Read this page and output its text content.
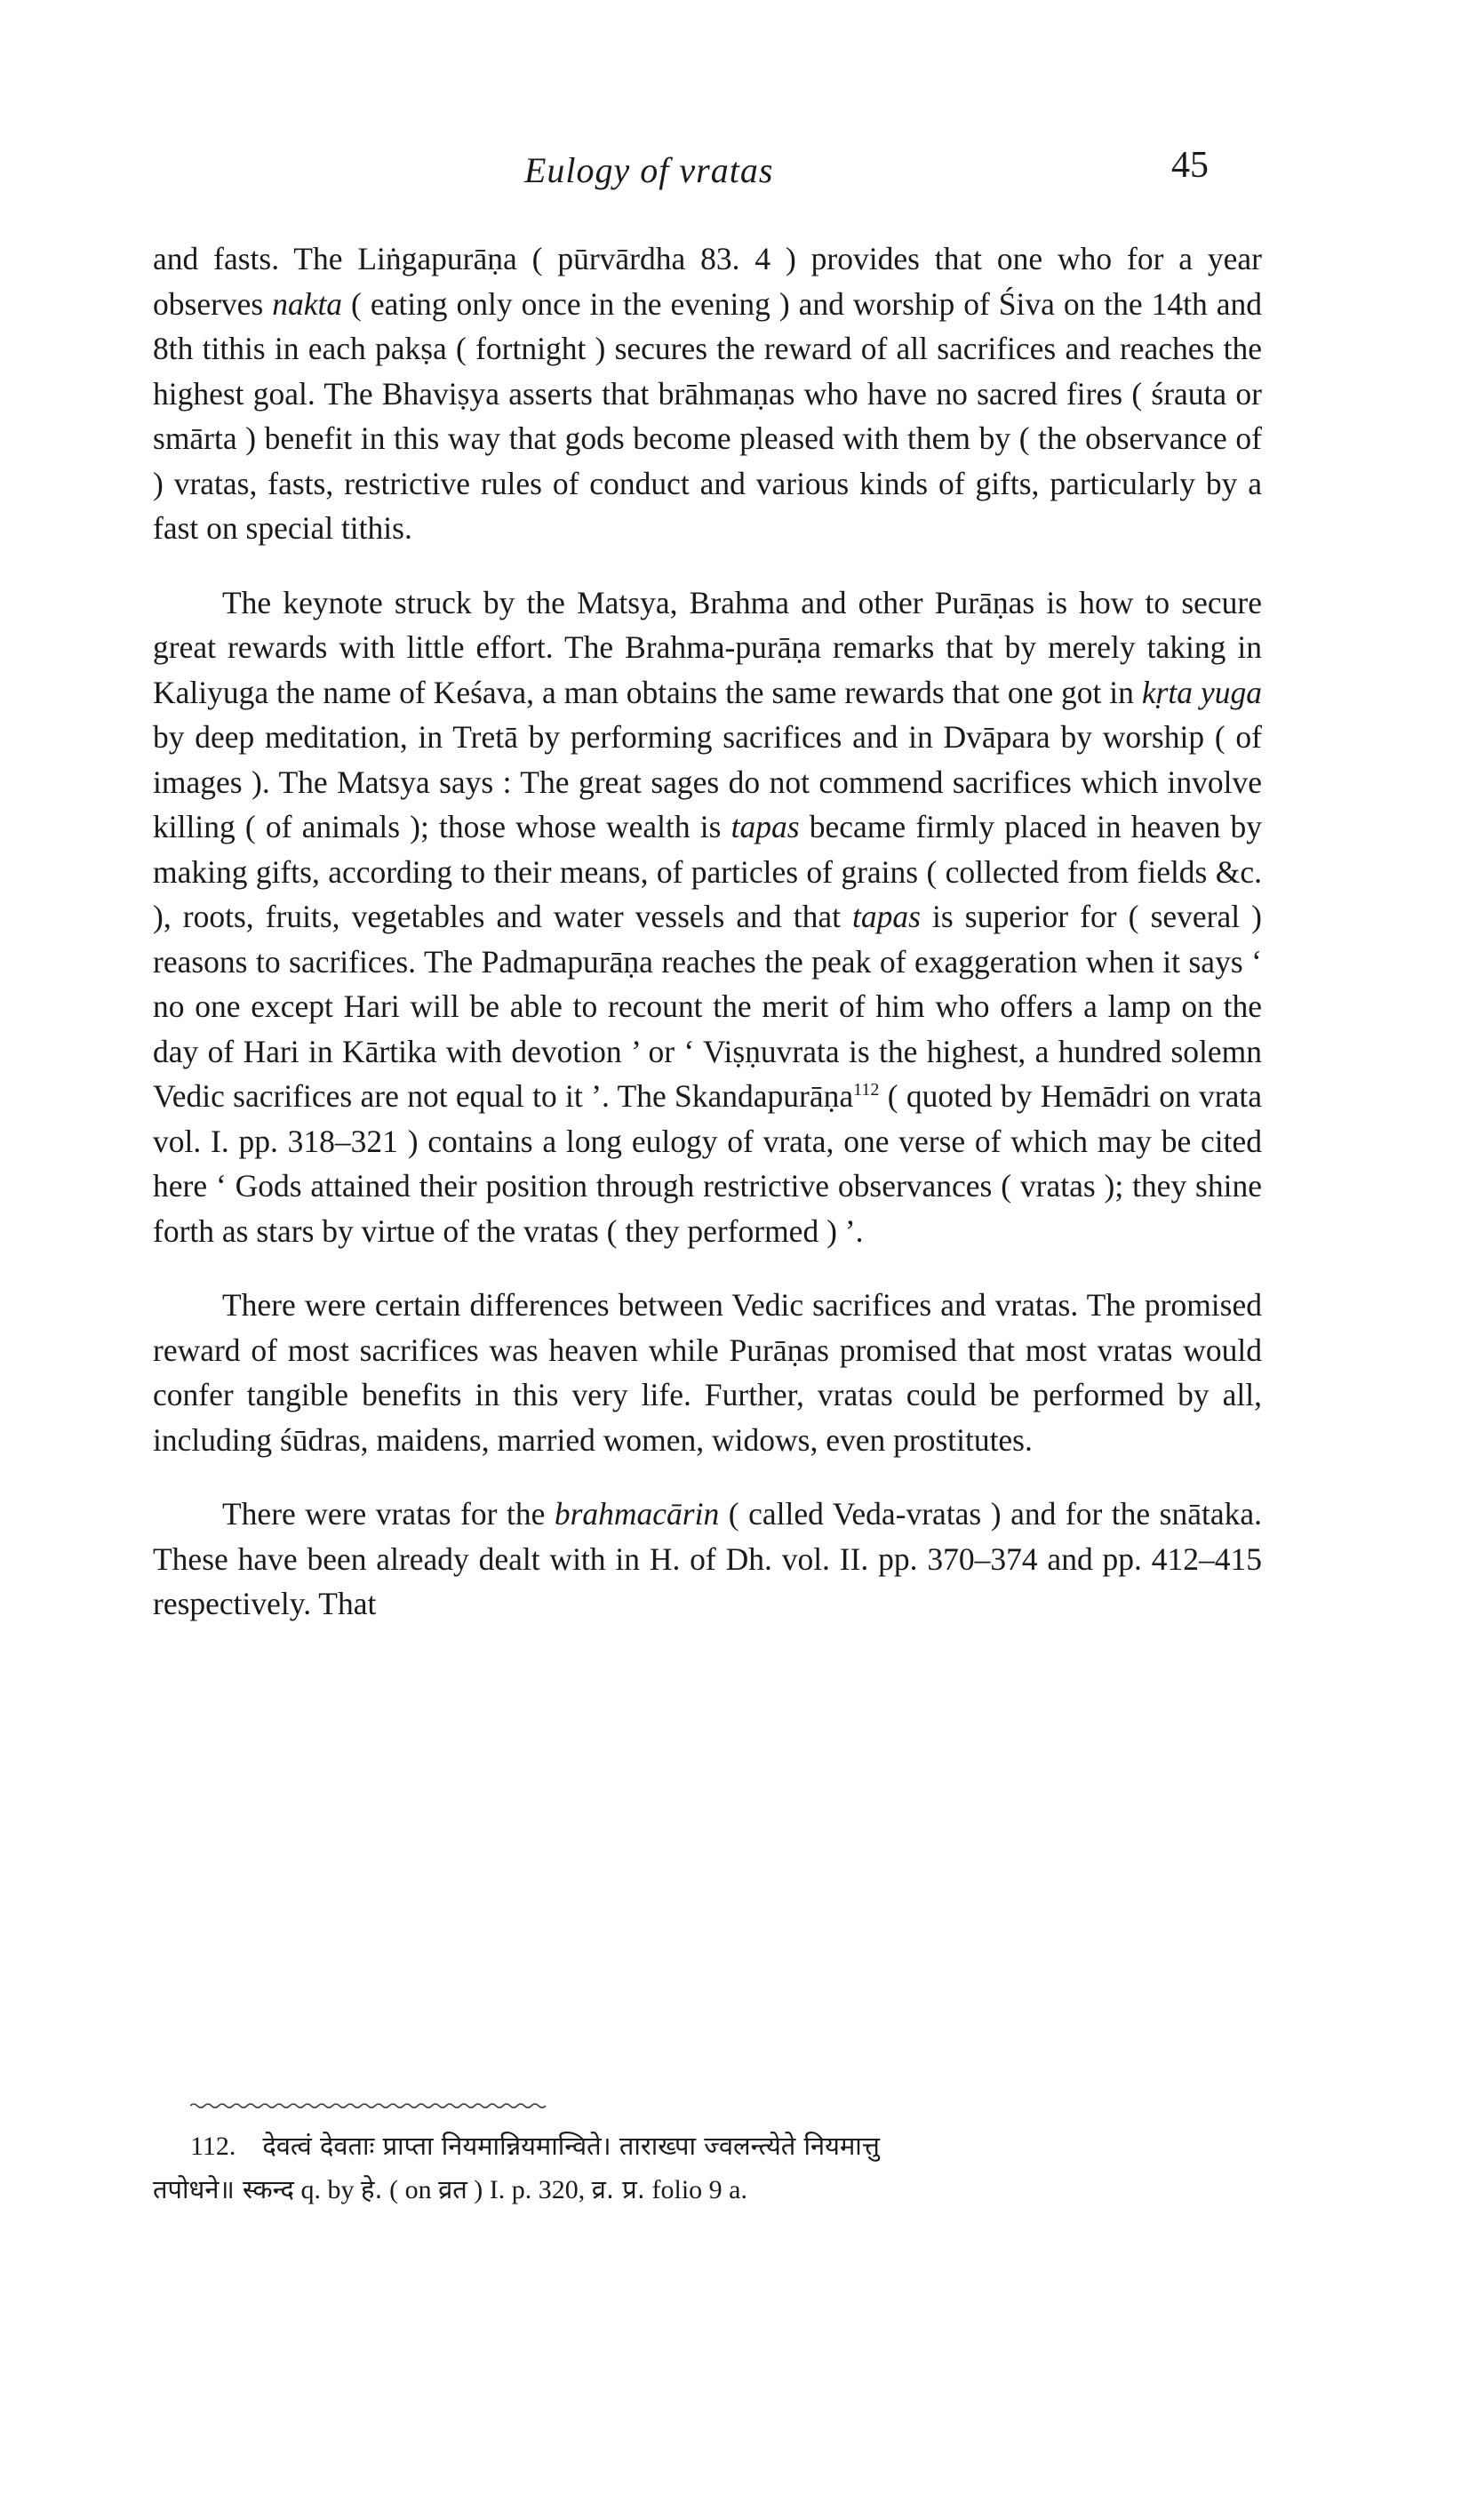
Eulogy of vratas	45

and fasts. The Liṅgapurāṇa ( pūrvārdha 83. 4 ) provides that one who for a year observes nakta ( eating only once in the evening ) and worship of Śiva on the 14th and 8th tithis in each pakṣa ( fortnight ) secures the reward of all sacrifices and reaches the highest goal. The Bhaviṣya asserts that brāhmaṇas who have no sacred fires ( śrauta or smārta ) benefit in this way that gods become pleased with them by ( the observance of ) vratas, fasts, restrictive rules of conduct and various kinds of gifts, particularly by a fast on special tithis.

The keynote struck by the Matsya, Brahma and other Purāṇas is how to secure great rewards with little effort. The Brahma-purāṇa remarks that by merely taking in Kaliyuga the name of Keśava, a man obtains the same rewards that one got in kṛta yuga by deep meditation, in Tretā by performing sacrifices and in Dvāpara by worship ( of images ). The Matsya says : The great sages do not commend sacrifices which involve killing ( of animals ); those whose wealth is tapas became firmly placed in heaven by making gifts, according to their means, of particles of grains ( collected from fields &c. ), roots, fruits, vegetables and water vessels and that tapas is superior for ( several ) reasons to sacrifices. The Padmapurāṇa reaches the peak of exaggeration when it says ‘ no one except Hari will be able to recount the merit of him who offers a lamp on the day of Hari in Kārtika with devotion ’ or ‘ Viṣṇuvrata is the highest, a hundred solemn Vedic sacrifices are not equal to it ’. The Skandapurāṇa$^{112}$ ( quoted by Hemādri on vrata vol. I. pp. 318–321 ) contains a long eulogy of vrata, one verse of which may be cited here ‘ Gods attained their position through restrictive observances ( vratas ); they shine forth as stars by virtue of the vratas ( they performed ) ’.

There were certain differences between Vedic sacrifices and vratas. The promised reward of most sacrifices was heaven while Purāṇas promised that most vratas would confer tangible benefits in this very life. Further, vratas could be performed by all, including śūdras, maidens, married women, widows, even prostitutes.

There were vratas for the brahmacārin ( called Veda-vratas ) and for the snātaka. These have been already dealt with in H. of Dh. vol. II. pp. 370–374 and pp. 412–415 respectively. That

112. देवत्वं देवताः प्राप्ता नियमान्नियमान्विते। ताराख्पा ज्वलन्त्येते नियमात्तु

तपोधने॥ स्कन्द q. by हे. ( on व्रत ) I. p. 320, व्र. प्र. folio 9 a.
